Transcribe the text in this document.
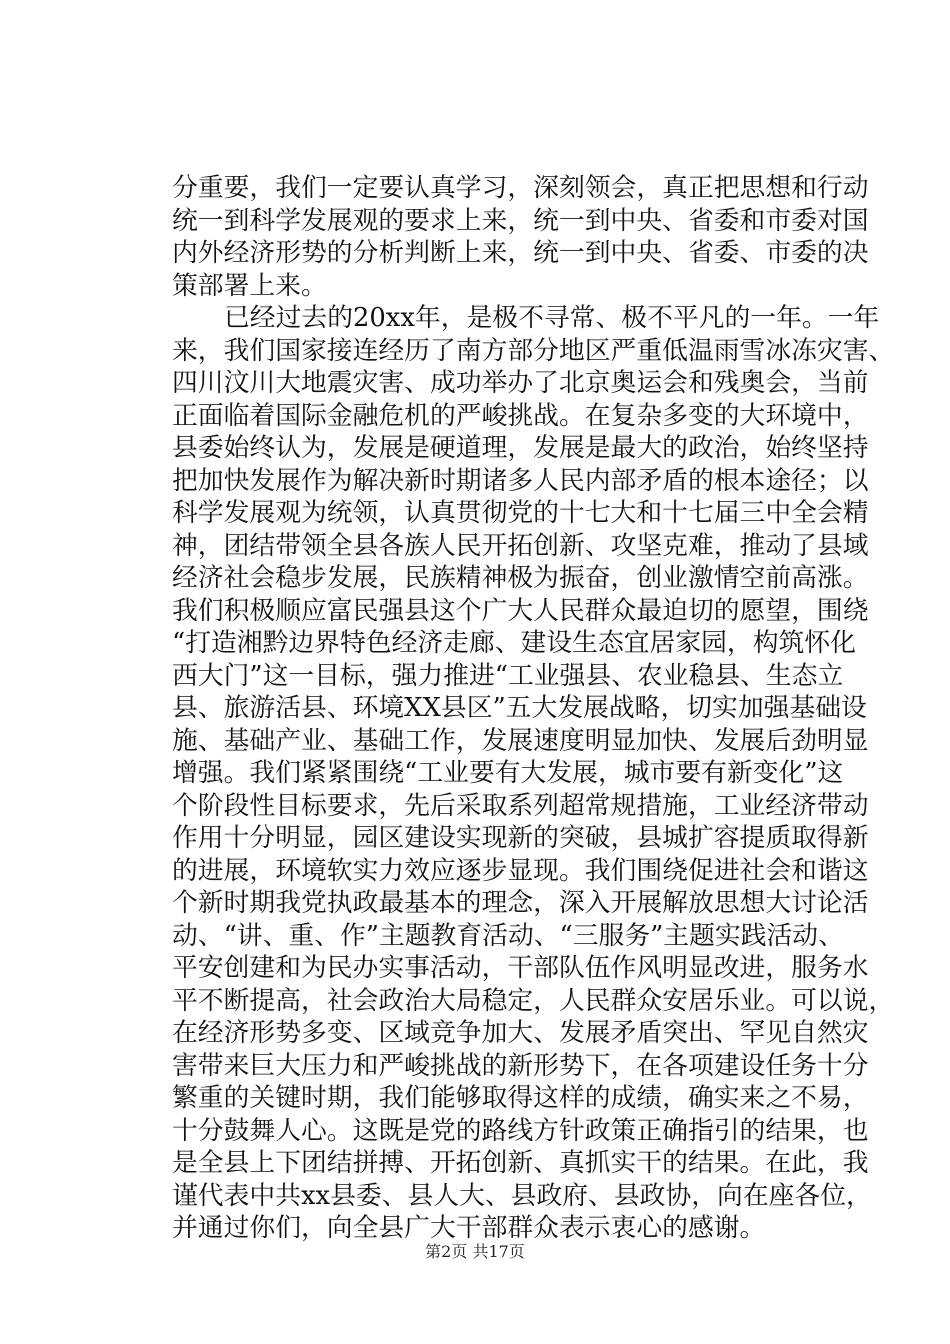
分重要，我们一定要认真学习，深刻领会，真正把思想和行动
统一到科学发展观的要求上来，统一到中央、省委和市委对国
内外经济形势的分析判断上来，统一到中央、省委、市委的决
策部署上来。
已经过去的20xx年，是极不寻常、极不平凡的一年。一年
来，我们国家接连经历了南方部分地区严重低温雨雪冰冻灾害、
四川汶川大地震灾害、成功举办了北京奥运会和残奥会，当前
正面临着国际金融危机的严峻挑战。在复杂多变的大环境中，
县委始终认为，发展是硬道理，发展是最大的政治，始终坚持
把加快发展作为解决新时期诸多人民内部矛盾的根本途径；以
科学发展观为统领，认真贯彻党的十七大和十七届三中全会精
神，团结带领全县各族人民开拓创新、攻坚克难，推动了县域
经济社会稳步发展，民族精神极为振奋，创业激情空前高涨。
我们积极顺应富民强县这个广大人民群众最迫切的愿望，围绕
“打造湘黔边界特色经济走廊、建设生态宜居家园，构筑怀化
西大门”这一目标，强力推进“工业强县、农业稳县、生态立
县、旅游活县、环境XX县区”五大发展战略，切实加强基础设
施、基础产业、基础工作，发展速度明显加快、发展后劲明显
增强。我们紧紧围绕“工业要有大发展，城市要有新变化”这
个阶段性目标要求，先后采取系列超常规措施，工业经济带动
作用十分明显，园区建设实现新的突破，县城扩容提质取得新
的进展，环境软实力效应逐步显现。我们围绕促进社会和谐这
个新时期我党执政最基本的理念，深入开展解放思想大讨论活
动、“讲、重、作”主题教育活动、“三服务”主题实践活动、
平安创建和为民办实事活动，干部队伍作风明显改进，服务水
平不断提高，社会政治大局稳定，人民群众安居乐业。可以说，
在经济形势多变、区域竞争加大、发展矛盾突出、罕见自然灾
害带来巨大压力和严峻挑战的新形势下，在各项建设任务十分
繁重的关键时期，我们能够取得这样的成绩，确实来之不易，
十分鼓舞人心。这既是党的路线方针政策正确指引的结果，也
是全县上下团结拼搏、开拓创新、真抓实干的结果。在此，我
谨代表中共xx县委、县人大、县政府、县政协，向在座各位，
并通过你们，向全县广大干部群众表示衷心的感谢。
第2页 共17页
